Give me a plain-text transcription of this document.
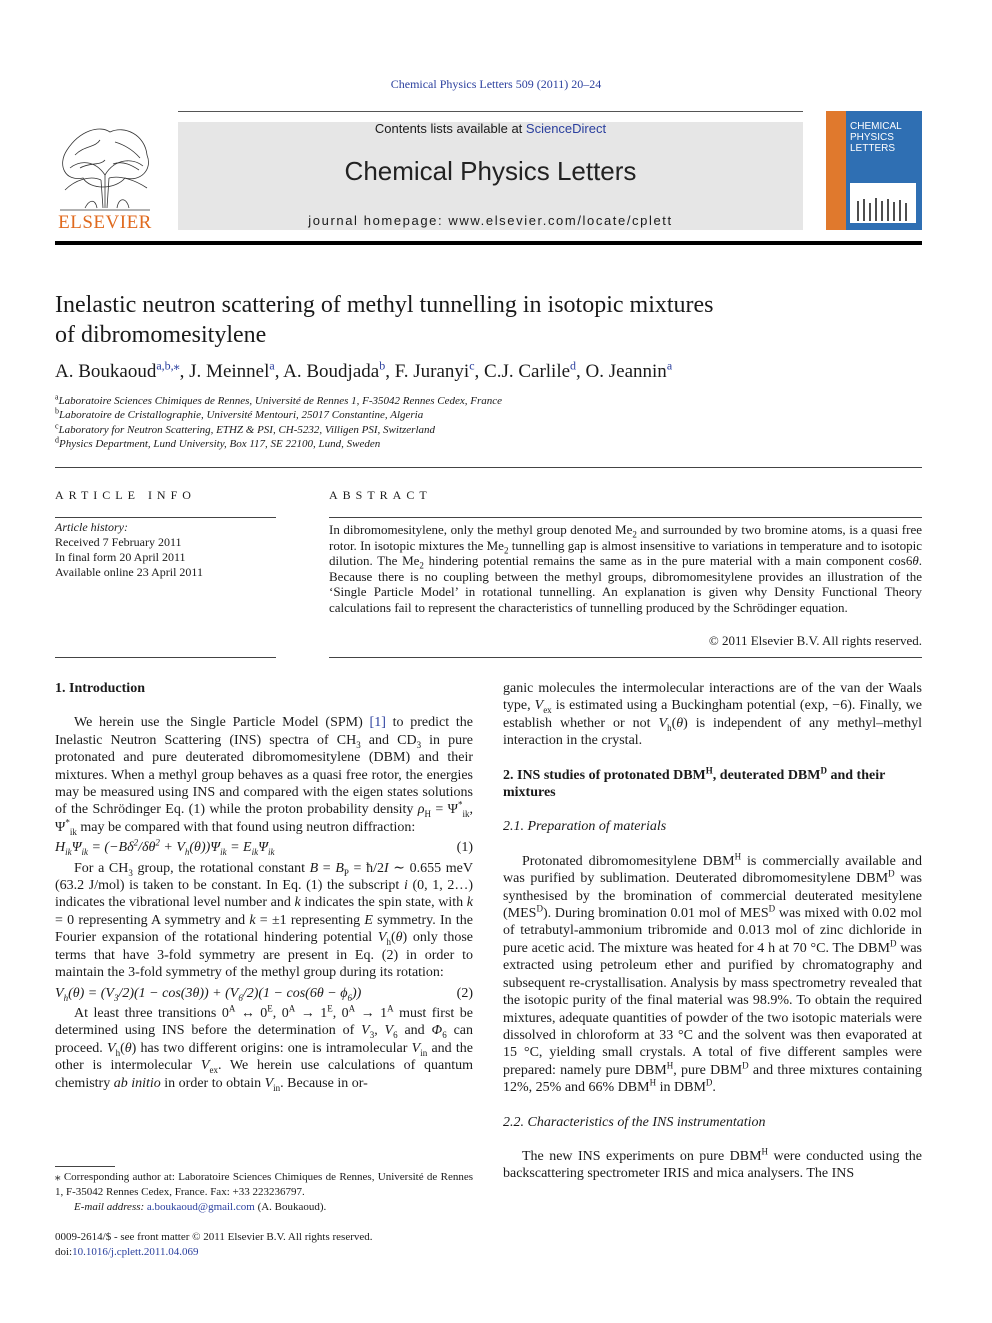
Chemical Physics Letters 509 (2011) 20–24
Contents lists available at ScienceDirect
Chemical Physics Letters
journal homepage: www.elsevier.com/locate/cplett
ELSEVIER
CHEMICAL
PHYSICS
LETTERS
Inelastic neutron scattering of methyl tunnelling in isotopic mixtures
of dibromomesitylene
A. Boukaoud$^{a,b,⁎}$, J. Meinnel$^a$, A. Boudjada$^b$, F. Juranyi$^c$, C.J. Carlile$^d$, O. Jeannin$^a$
$^a$Laboratoire Sciences Chimiques de Rennes, Université de Rennes 1, F-35042 Rennes Cedex, France
$^b$Laboratoire de Cristallographie, Université Mentouri, 25017 Constantine, Algeria
$^c$Laboratory for Neutron Scattering, ETHZ & PSI, CH-5232, Villigen PSI, Switzerland
$^d$Physics Department, Lund University, Box 117, SE 22100, Lund, Sweden
ARTICLE INFO
Article history:
Received 7 February 2011
In final form 20 April 2011
Available online 23 April 2011
ABSTRACT
In dibromomesitylene, only the methyl group denoted $Me_2$ and surrounded by two bromine atoms, is a quasi free rotor. In isotopic mixtures the $Me_2$ tunnelling gap is almost insensitive to variations in temperature and to isotopic dilution. The $Me_2$ hindering potential remains the same as in the pure material with a main component cos6θ. Because there is no coupling between the methyl groups, dibromomesitylene provides an illustration of the ‘Single Particle Model’ in rotational tunnelling. An explanation is given why Density Functional Theory calculations fail to represent the characteristics of tunnelling produced by the Schrödinger equation.
© 2011 Elsevier B.V. All rights reserved.
1. Introduction

We herein use the Single Particle Model (SPM) [1] to predict the Inelastic Neutron Scattering (INS) spectra of $CH_3$ and $CD_3$ in pure protonated and pure deuterated dibromomesitylene (DBM) and their mixtures. When a methyl group behaves as a quasi free rotor, the energies may be measured using INS and compared with the eigen states solutions of the Schrödinger Eq. (1) while the proton probability density $\rho_H = \Psi^*_{ik}$, $\Psi^*_{ik}$ may be compared with that found using neutron diffraction:

$H_{ik}\Psi_{ik} = (-B\delta^2/\delta\theta^2 + V_h(\theta))\Psi_{ik} = E_{ik}\Psi_{ik}$	(1)

For a $CH_3$ group, the rotational constant $B = B_P$ = ħ/2I ∼ 0.655 meV (63.2 J/mol) is taken to be constant. In Eq. (1) the subscript i (0, 1, 2…) indicates the vibrational level number and k indicates the spin state, with k = 0 representing A symmetry and k = ±1 representing E symmetry. In the Fourier expansion of the rotational hindering potential $V_h(\theta)$ only those terms that have 3-fold symmetry are present in Eq. (2) in order to maintain the 3-fold symmetry of the methyl group during its rotation:

$V_h(\theta) = (V_3/2)(1 - \cos(3\theta)) + (V_6/2)(1 - \cos(6\theta - \phi_6))$	(2)

At least three transitions $0^A$ ↔ $0^E$, $0^A \to 1^E$, $0^A \to 1^A$ must first be determined using INS before the determination of $V_3$, $V_6$ and $\Phi_6$ can proceed. $V_h(\theta)$ has two different origins: one is intramolecular $V_{in}$ and the other is intermolecular $V_{ex}$. We herein use calculations of quantum chemistry ab initio in order to obtain $V_{in}$. Because in or-

ganic molecules the intermolecular interactions are of the van der Waals type, $V_{ex}$ is estimated using a Buckingham potential (exp, −6). Finally, we establish whether or not $V_h(\theta)$ is independent of any methyl–methyl interaction in the crystal.

2. INS studies of protonated $DBM^H$, deuterated $DBM^D$ and their mixtures
2.1. Preparation of materials

Protonated dibromomesitylene $DBM^H$ is commercially available and was purified by sublimation. Deuterated dibromomesitylene $DBM^D$ was synthesised by the bromination of commercial deuterated mesitylene $(MES^D)$. During bromination 0.01 mol of $MES^D$ was mixed with 0.02 mol of tetrabutyl-ammonium tribromide and 0.013 mol of zinc dichloride in pure acetic acid. The mixture was heated for 4 h at 70 °C. The $DBM^D$ was extracted using petroleum ether and purified by chromatography and subsequent re-crystallisation. Analysis by mass spectrometry revealed that the isotopic purity of the final material was 98.9%. To obtain the required mixtures, adequate quantities of powder of the two isotopic materials were dissolved in chloroform at 33 °C and the solvent was then evaporated at 15 °C, yielding small crystals. A total of five different samples were prepared: namely pure $DBM^H$, pure $DBM^D$ and three mixtures containing 12%, 25% and 66% $DBM^H$ in $DBM^D$.

2.2. Characteristics of the INS instrumentation

The new INS experiments on pure $DBM^H$ were conducted using the backscattering spectrometer IRIS and mica analysers. The INS

⁎ Corresponding author at: Laboratoire Sciences Chimiques de Rennes, Université de Rennes 1, F-35042 Rennes Cedex, France. Fax: +33 223236797.
E-mail address: a.boukaoud@gmail.com (A. Boukaoud).
0009-2614/$ - see front matter © 2011 Elsevier B.V. All rights reserved.
doi:10.1016/j.cplett.2011.04.069
